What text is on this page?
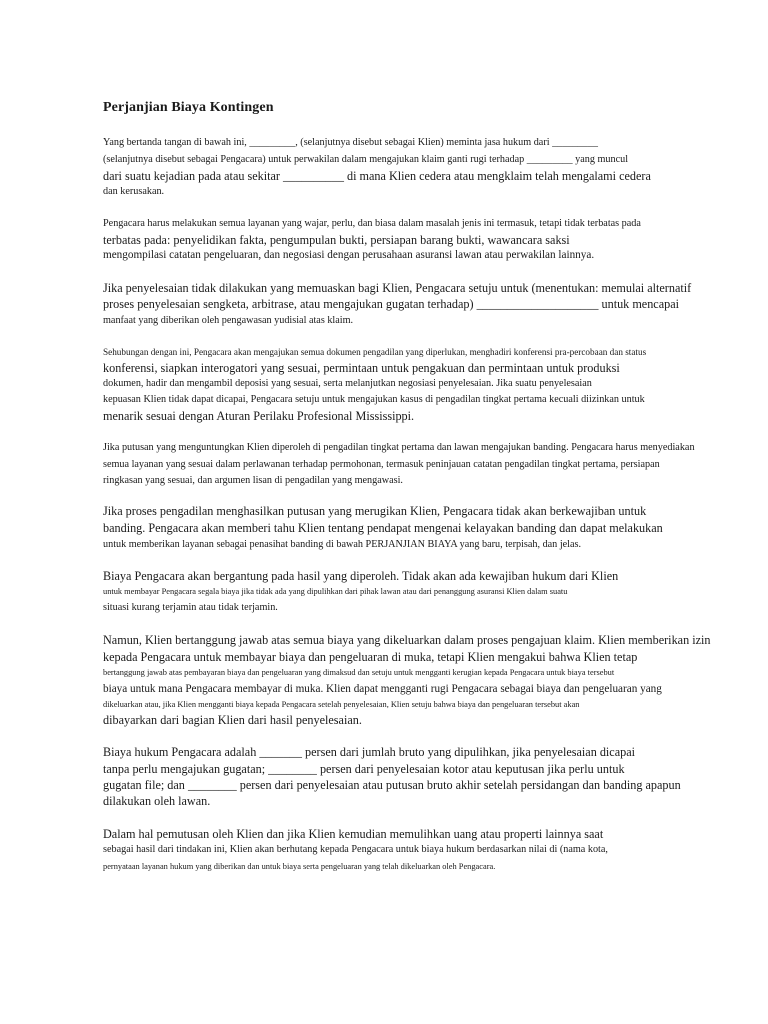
Perjanjian Biaya Kontingen
Yang bertanda tangan di bawah ini, _________, (selanjutnya disebut sebagai Klien) meminta jasa hukum dari _________
(selanjutnya disebut sebagai Pengacara) untuk perwakilan dalam mengajukan klaim ganti rugi terhadap _________ yang muncul
dari suatu kejadian pada atau sekitar __________ di mana Klien cedera atau mengklaim telah mengalami cedera
dan kerusakan.
Pengacara harus melakukan semua layanan yang wajar, perlu, dan biasa dalam masalah jenis ini termasuk, tetapi tidak terbatas pada
terbatas pada: penyelidikan fakta, pengumpulan bukti, persiapan barang bukti, wawancara saksi
mengompilasi catatan pengeluaran, dan negosiasi dengan perusahaan asuransi lawan atau perwakilan lainnya.
Jika penyelesaian tidak dilakukan yang memuaskan bagi Klien, Pengacara setuju untuk (menentukan: memulai alternatif
proses penyelesaian sengketa, arbitrase, atau mengajukan gugatan terhadap) ____________________ untuk mencapai
manfaat yang diberikan oleh pengawasan yudisial atas klaim.
Sehubungan dengan ini, Pengacara akan mengajukan semua dokumen pengadilan yang diperlukan, menghadiri konferensi pra-percobaan dan status
konferensi, siapkan interogatori yang sesuai, permintaan untuk pengakuan dan permintaan untuk produksi
dokumen, hadir dan mengambil deposisi yang sesuai, serta melanjutkan negosiasi penyelesaian. Jika suatu penyelesaian
kepuasan Klien tidak dapat dicapai, Pengacara setuju untuk mengajukan kasus di pengadilan tingkat pertama kecuali diizinkan untuk
menarik sesuai dengan Aturan Perilaku Profesional Mississippi.
Jika putusan yang menguntungkan Klien diperoleh di pengadilan tingkat pertama dan lawan mengajukan banding. Pengacara harus menyediakan
semua layanan yang sesuai dalam perlawanan terhadap permohonan, termasuk peninjauan catatan pengadilan tingkat pertama, persiapan
ringkasan yang sesuai, dan argumen lisan di pengadilan yang mengawasi.
Jika proses pengadilan menghasilkan putusan yang merugikan Klien, Pengacara tidak akan berkewajiban untuk
banding. Pengacara akan memberi tahu Klien tentang pendapat mengenai kelayakan banding dan dapat melakukan
untuk memberikan layanan sebagai penasihat banding di bawah PERJANJIAN BIAYA yang baru, terpisah, dan jelas.
Biaya Pengacara akan bergantung pada hasil yang diperoleh. Tidak akan ada kewajiban hukum dari Klien
untuk membayar Pengacara segala biaya jika tidak ada yang dipulihkan dari pihak lawan atau dari penanggung asuransi Klien dalam suatu
situasi kurang terjamin atau tidak terjamin.
Namun, Klien bertanggung jawab atas semua biaya yang dikeluarkan dalam proses pengajuan klaim. Klien memberikan izin
kepada Pengacara untuk membayar biaya dan pengeluaran di muka, tetapi Klien mengakui bahwa Klien tetap
bertanggung jawab atas pembayaran biaya dan pengeluaran yang dimaksud dan setuju untuk mengganti kerugian kepada Pengacara untuk biaya tersebut
biaya untuk mana Pengacara membayar di muka. Klien dapat mengganti rugi Pengacara sebagai biaya dan pengeluaran yang
dikeluarkan atau, jika Klien mengganti biaya kepada Pengacara setelah penyelesaian, Klien setuju bahwa biaya dan pengeluaran tersebut akan
dibayarkan dari bagian Klien dari hasil penyelesaian.
Biaya hukum Pengacara adalah _______ persen dari jumlah bruto yang dipulihkan, jika penyelesaian dicapai
tanpa perlu mengajukan gugatan; ________ persen dari penyelesaian kotor atau keputusan jika perlu untuk
gugatan file; dan ________ persen dari penyelesaian atau putusan bruto akhir setelah persidangan dan banding apapun
dilakukan oleh lawan.
Dalam hal pemutusan oleh Klien dan jika Klien kemudian memulihkan uang atau properti lainnya saat
sebagai hasil dari tindakan ini, Klien akan berhutang kepada Pengacara untuk biaya hukum berdasarkan nilai di (nama kota,
pernyataan layanan hukum yang diberikan dan untuk biaya serta pengeluaran yang telah dikeluarkan oleh Pengacara.
